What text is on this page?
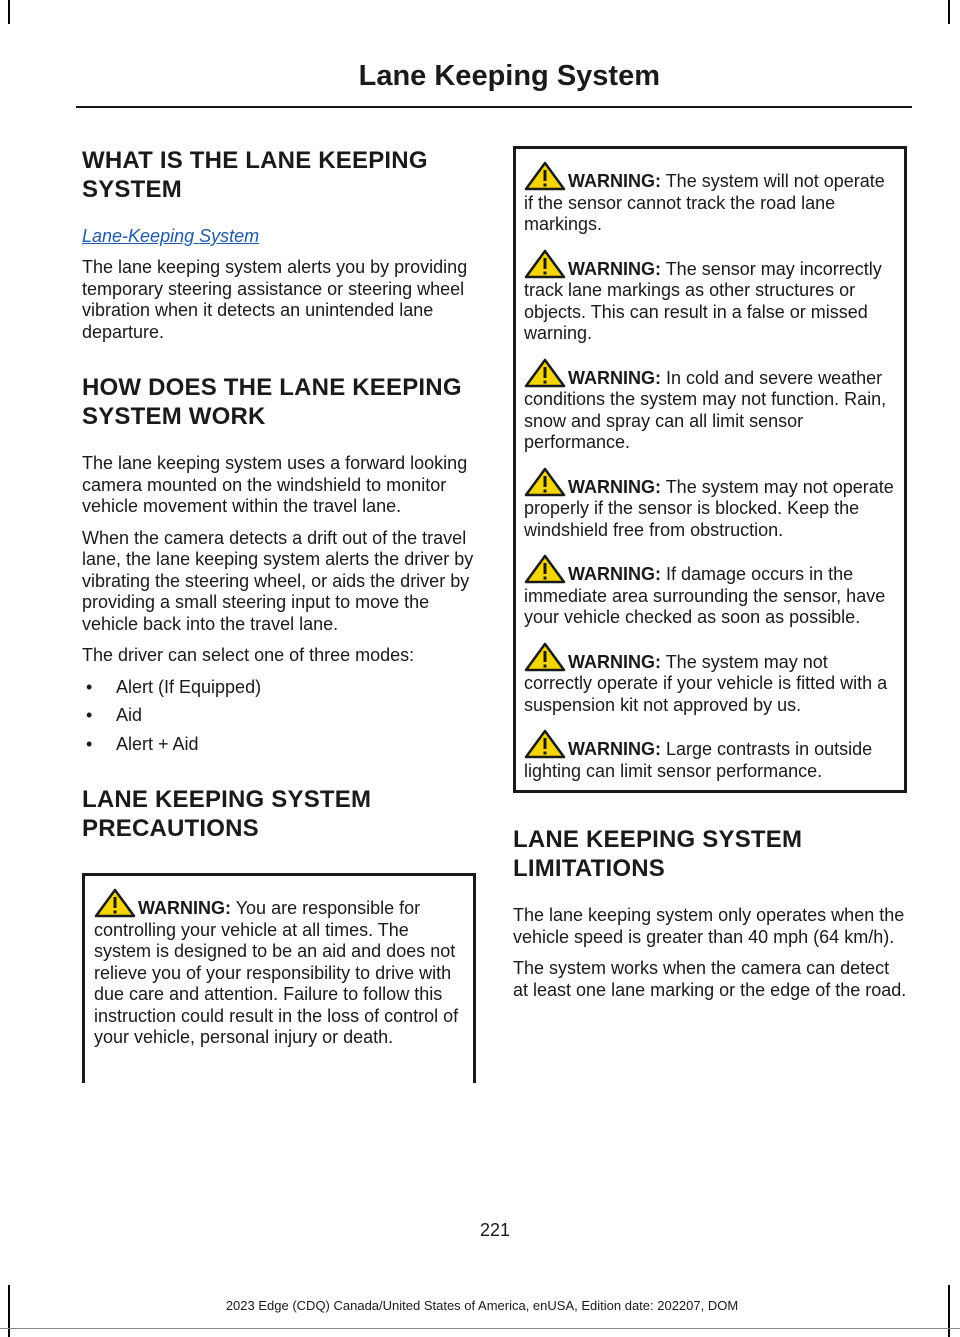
Lane Keeping System
WHAT IS THE LANE KEEPING SYSTEM
Lane-Keeping System

The lane keeping system alerts you by providing temporary steering assistance or steering wheel vibration when it detects an unintended lane departure.

HOW DOES THE LANE KEEPING SYSTEM WORK

The lane keeping system uses a forward looking camera mounted on the windshield to monitor vehicle movement within the travel lane.

When the camera detects a drift out of the travel lane, the lane keeping system alerts the driver by vibrating the steering wheel, or aids the driver by providing a small steering input to move the vehicle back into the travel lane.

The driver can select one of three modes:

• Alert (If Equipped)
• Aid
• Alert + Aid
LANE KEEPING SYSTEM PRECAUTIONS
WARNING: You are responsible for controlling your vehicle at all times. The system is designed to be an aid and does not relieve you of your responsibility to drive with due care and attention. Failure to follow this instruction could result in the loss of control of your vehicle, personal injury or death.
WARNING: The system will not operate if the sensor cannot track the road lane markings.
WARNING: The sensor may incorrectly track lane markings as other structures or objects. This can result in a false or missed warning.
WARNING: In cold and severe weather conditions the system may not function. Rain, snow and spray can all limit sensor performance.
WARNING: The system may not operate properly if the sensor is blocked. Keep the windshield free from obstruction.
WARNING: If damage occurs in the immediate area surrounding the sensor, have your vehicle checked as soon as possible.
WARNING: The system may not correctly operate if your vehicle is fitted with a suspension kit not approved by us.
WARNING: Large contrasts in outside lighting can limit sensor performance.
LANE KEEPING SYSTEM LIMITATIONS

The lane keeping system only operates when the vehicle speed is greater than 40 mph (64 km/h).

The system works when the camera can detect at least one lane marking or the edge of the road.

221
2023 Edge (CDQ) Canada/United States of America, enUSA, Edition date: 202207, DOM
